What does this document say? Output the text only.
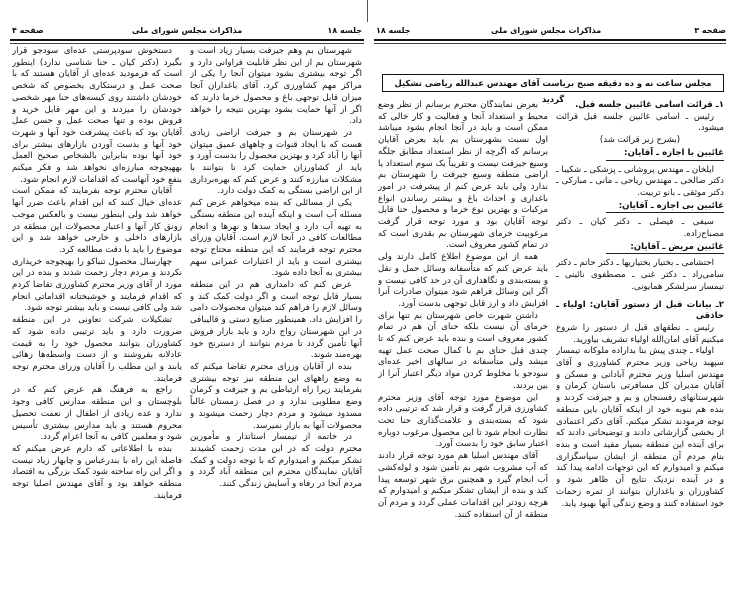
صفحه ۴	مذاکرات مجلس شورای ملی	جلسه ۱۸

شهرستان بم وهم جیرفت بسیار زیاد است و شهرستان بم از این نظر قابلیت فراوانی دارد و اگر توجه بیشتری بشود میتوان آنجا را یکی از مراکز مهم کشاورزی کرد. آقای باغداران آنجا میزان قابل توجهی باغ و محصول خرما دارند که اگر از آنها حمایت بشود بهترین نتیجه را خواهد داد.

در شهرستان بم و جیرفت اراضی زیادی هست که با ایجاد قنوات و چاههای عمیق میتوان آنها را آباد کرد و بهترین محصول را بدست آورد و باید از کشاورزان حمایت کرد تا بتوانند با مشکلات مبارزه کنند و عرض کنم که بهره‌برداری از این اراضی بستگی به کمک دولت دارد.

یکی از مسائلی که بنده میخواهم عرض کنم مسئله آب است و اینکه آینده این منطقه بستگی به تهیه آب دارد و ایجاد سدها و نهرها و انجام مطالعات کافی در آنجا لازم است. آقایان وزرای محترم توجه فرمایند که این منطقه محتاج توجه بیشتری است و باید از اعتبارات عمرانی سهم بیشتری به آنجا داده شود.

عرض کنم که دامداری هم در این منطقه بسیار قابل توجه است و اگر دولت کمک کند و وسائل لازم را فراهم کند میتوان محصولات دامی را افزایش داد. همینطور صنایع دستی و قالیبافی در این شهرستان رواج دارد و باید بازار فروش آنها تأمین گردد تا مردم بتوانند از دسترنج خود بهره‌مند شوند.

بنده از آقایان وزرای محترم تقاضا میکنم که به وضع راههای این منطقه نیز توجه بیشتری بفرمایند زیرا راه ارتباطی بم و جیرفت و کرمان وضع مطلوبی ندارد و در فصل زمستان غالباً مسدود میشود و مردم دچار زحمت میشوند و محصولات آنها به بازار نمیرسد.

در خاتمه از تیمسار استاندار و مأمورین محترم دولت که در این مدت زحمت کشیدند تشکر میکنم و امیدوارم که با توجه دولت و کمک آقایان نمایندگان محترم این منطقه آباد گردد و مردم آنجا در رفاه و آسایش زندگی کنند.

دستخوش سودپرستی عده‌ای سودجو قرار بگیرد (دکتر کیان ـ حنا شناسی ندارد) اینطور است که فرمودید عده‌ای از آقایان هستند که با صحت عمل و درستکاری بخصوص که شخص خودشان داشتند روی کیسه‌های حنا مهر شخصی خودشان را میزدند و این مهر قابل خرید و فروش بوده و تنها صحت عمل و حسن عمل آقایان بود که باعث پیشرفت خود آنها و شهرت خود آنها و بدست آوردن بازارهای بیشتر برای خود آنها بوده بنابراین بالشخاص صحیح العمل بههیچوجه مبارزه‌ای نخواهد شد و فکر میکنم بنفع خود آنهاست که اقدامات لازم انجام شود.

آقایان محترم توجه بفرمایند که ممکن است عده‌ای خیال کنند که این اقدام باعث ضرر آنها خواهد شد ولی اینطور نیست و بالعکس موجب رونق کار آنها و اعتبار محصولات این منطقه در بازارهای داخلی و خارجی خواهد شد و این موضوع را باید با دقت مطالعه کرد.

چهارسال محصول تنباکو را بهیچوجه خریداری نکردند و مردم دچار زحمت شدند و بنده در این مورد از آقای وزیر محترم کشاورزی تقاضا کردم که اقدام فرمایند و خوشبختانه اقداماتی انجام شد ولی کافی نیست و باید بیشتر توجه شود.

تشکیلات شرکت تعاونی در این منطقه ضرورت دارد و باید ترتیبی داده شود که کشاورزان بتوانند محصول خود را به قیمت عادلانه بفروشند و از دست واسطه‌ها رهائی یابند و این مطلب را آقایان وزرای محترم توجه فرمایند.

راجع به فرهنگ هم عرض کنم که در بلوچستان و این منطقه مدارس کافی وجود ندارد و عده زیادی از اطفال از نعمت تحصیل محروم هستند و باید مدارس بیشتری تأسیس شود و معلمین کافی به آنجا اعزام گردد.

بنده با اطلاعاتی که دارم عرض میکنم که فاصله این راه با بندرعباس و چابهار زیاد نیست و اگر این راه ساخته شود کمک بزرگی به اقتصاد منطقه خواهد بود و آقای مهندس اصلیا توجه فرمایند.

جلسه ۱۸	مذاکرات مجلس شورای ملی	صفحه ۳
مجلس ساعت نه و ده دقیقه صبح بریاست آقای مهندس عبدالله ریاضی تشکیل گردید

بعرض نمایندگان محترم برسانم از نظر وضع محیط و استعداد آنجا و فعالیت و کار خالی که ممکن است و باید در آنجا انجام بشود میباشد اول نسبت بشهرستان بم باید بعرض آقایان برسانم که اگرچه از نظر استعداد مطابق جلگه وسیع جیرفت نیست و تقریباً یک سوم استعداد یا اراضی منطقه وسیع جیرفت را شهرستان بم ندارد ولی باید عرض کنم از پیشرفت در امور باغداری و احداث باغ و بیشتر رساندن انواع مرکبات و بهترین نوع خرما و محصول حنا قابل توجه آقایان بود و مورد توجه قرار گرفت مرغوبیت خرمای شهرستان بم بقدری است که در تمام کشور معروف است.

همه از این موضوع اطلاع کامل دارند ولی باید عرض کنم که متأسفانه وسائل حمل و نقل و بسته‌بندی و نگاهداری آن در حد کافی نیست و اگر این وسائل فراهم شود میتوان صادرات آنرا افزایش داد و ارز قابل توجهی بدست آورد.

داشتن شهرت خاص شهرستان بم تنها برای خرمای آن نیست بلکه حنای آن هم در تمام کشور معروف است و بنده باید عرض کنم که تا چندی قبل حنای بم با کمال صحت عمل تهیه میشد ولی متأسفانه در سالهای اخیر عده‌ای سودجو با مخلوط کردن مواد دیگر اعتبار آنرا از بین بردند.

این موضوع مورد توجه آقای وزیر محترم کشاورزی قرار گرفت و قرار شد که ترتیبی داده شود که بسته‌بندی و علامت‌گذاری حنا تحت نظارت انجام شود تا این محصول مرغوب دوباره اعتبار سابق خود را بدست آورد.

آقای مهندس اسلیا هم مورد توجه قرار دادند که آب مشروب شهر بم تأمین شود و لوله‌کشی آب انجام گیرد و همچنین برق شهر توسعه پیدا کند و بنده از ایشان تشکر میکنم و امیدوارم که هرچه زودتر این اقدامات عملی گردد و مردم آن منطقه از آن استفاده کنند.

۱ـ قرائت اسامی غائبین جلسه قبل.

رئیس ـ اسامی غائبین جلسه قبل قرائت میشود.

(بشرح زیر قرائت شد)

غائبین با اجازه ـ آقایان:

ایلخان ـ مهندس پروشانی ـ پزشکی ـ شکیبا ـ دکتر صالحی ـ مهندس ریاحی ـ مانی ـ مبارکی ـ دکتر موثقی ـ بانو تربیت.

غائبین بی اجازه ـ آقایان:

سیفی ـ فیصلی ـ دکتر کیان ـ دکتر مصباح‌زاده.

غائبین مریض ـ آقایان:

احتشامی ـ بختیار بختیاریها ـ دکتر حاتم ـ دکتر سامی‌راد ـ دکتر غنی ـ مصطفوی نائینی ـ تیمسار سرلشکر همایونی.

۲ـ بیانات قبل از دستور آقایان: اولیاء ـ حاذقی

رئیس ـ نطقهای قبل از دستور را شروع میکنیم آقای امان‌الله اولیاء تشریف بیاورید.

اولیاء ـ چندی پیش بنا بداراده ملوکانه تیمسار سپهبد ریاحی وزیر محترم کشاورزی و آقای مهندس اسلیا وزیر محترم آبادانی و مسکن و آقایان مدیران کل مسافرتی باستان کرمان و شهرستانهای رفسنجان و بم و جیرفت کردند و بنده هم بنوبه خود از اینکه آقایان باین منطقه توجه فرمودند تشکر میکنم. آقای دکتر اعتمادی از بخشی گزارشاتی دادند و توضیحاتی دادند که برای آینده این منطقه بسیار مفید است و بنده بنام مردم آن منطقه از ایشان سپاسگزاری میکنم و امیدوارم که این توجهات ادامه پیدا کند و در آینده نزدیک نتایج آن ظاهر شود و کشاورزان و باغداران بتوانند از ثمره زحمات خود استفاده کنند و وضع زندگی آنها بهبود یابد.
